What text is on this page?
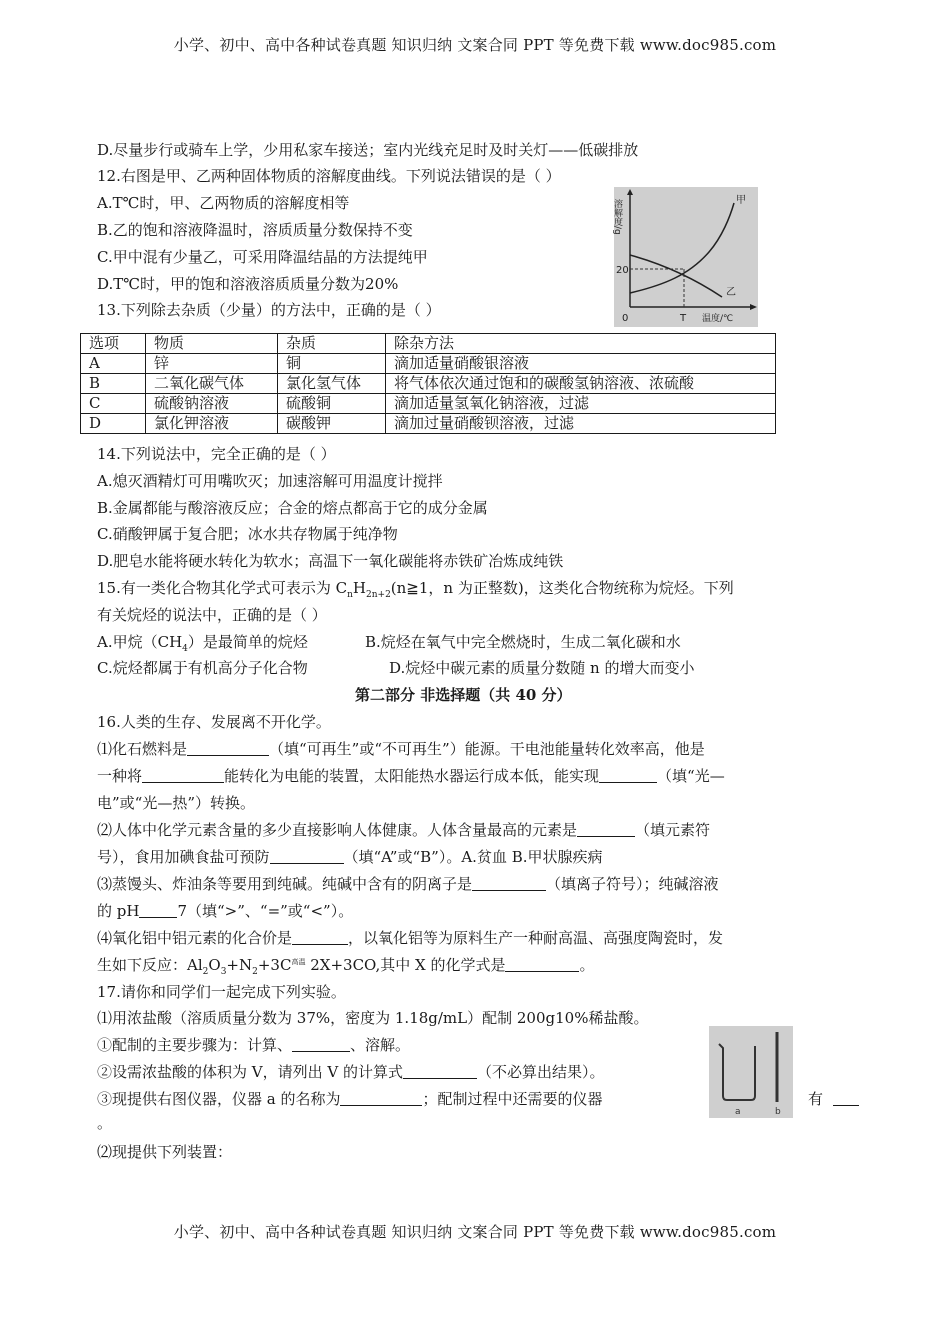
小学、初中、高中各种试卷真题 知识归纳 文案合同 PPT 等免费下载 www.doc985.com
D.尽量步行或骑车上学，少用私家车接送；室内光线充足时及时关灯——低碳排放
12.右图是甲、乙两种固体物质的溶解度曲线。下列说法错误的是（ ）
A.T℃时，甲、乙两物质的溶解度相等
B.乙的饱和溶液降温时，溶质质量分数保持不变
C.甲中混有少量乙，可采用降温结晶的方法提纯甲
D.T℃时，甲的饱和溶液溶质质量分数为20%
13.下列除去杂质（少量）的方法中，正确的是（ ）
溶解度/g
20
0	T 温度/℃
甲
乙
选项	物质	杂质	除杂方法
A	锌	铜	滴加适量硝酸银溶液
B	二氧化碳气体	氯化氢气体	将气体依次通过饱和的碳酸氢钠溶液、浓硫酸
C	硫酸钠溶液	硫酸铜	滴加适量氢氧化钠溶液，过滤
D	氯化钾溶液	碳酸钾	滴加过量硝酸钡溶液，过滤
14.下列说法中，完全正确的是（ ）
A.熄灭酒精灯可用嘴吹灭；加速溶解可用温度计搅拌
B.金属都能与酸溶液反应；合金的熔点都高于它的成分金属
C.硝酸钾属于复合肥；冰水共存物属于纯净物
D.肥皂水能将硬水转化为软水；高温下一氧化碳能将赤铁矿冶炼成纯铁
15.有一类化合物其化学式可表示为 $C_nH_{2n+2}(n≧1$，n 为正整数)，这类化合物统称为烷烃。下列
有关烷烃的说法中，正确的是（ ）
A.甲烷$(CH_4)$是最简单的烷烃	B.烷烃在氧气中完全燃烧时，生成二氧化碳和水
C.烷烃都属于有机高分子化合物	D.烷烃中碳元素的质量分数随 n 的增大而变小
第二部分 非选择题（共 40 分）
16.人类的生存、发展离不开化学。
⑴化石燃料是	（填“可再生”或“不可再生”）能源。干电池能量转化效率高，他是
一种将	能转化为电能的装置，太阳能热水器运行成本低，能实现	（填“光—
电”或“光—热”）转换。
⑵人体中化学元素含量的多少直接影响人体健康。人体含量最高的元素是	（填元素符
号），食用加碘食盐可预防	（填“A”或“B”）。A.贫血 B.甲状腺疾病
⑶蒸馒头、炸油条等要用到纯碱。纯碱中含有的阴离子是	（填离子符号）；纯碱溶液
的 pH	7（填“>”、“=”或“<”）。
⑷氧化铝中铝元素的化合价是	，以氧化铝等为原料生产一种耐高温、高强度陶瓷时，发
生如下反应：$Al_2O_3+N_2+3C^{高温}$ 2X+3CO,其中 X 的化学式是	。
17.请你和同学们一起完成下列实验。
⑴用浓盐酸（溶质质量分数为 37%，密度为 1.18g/mL）配制 200g10%稀盐酸。
①配制的主要步骤为：计算、	、溶解。
②设需浓盐酸的体积为 V，请列出 V 的计算式	（不必算出结果）。
③现提供右图仪器，仪器 a 的名称为	；配制过程中还需要的仪器	有
。
⑵现提供下列装置：
a	b
小学、初中、高中各种试卷真题 知识归纳 文案合同 PPT 等免费下载 www.doc985.com
